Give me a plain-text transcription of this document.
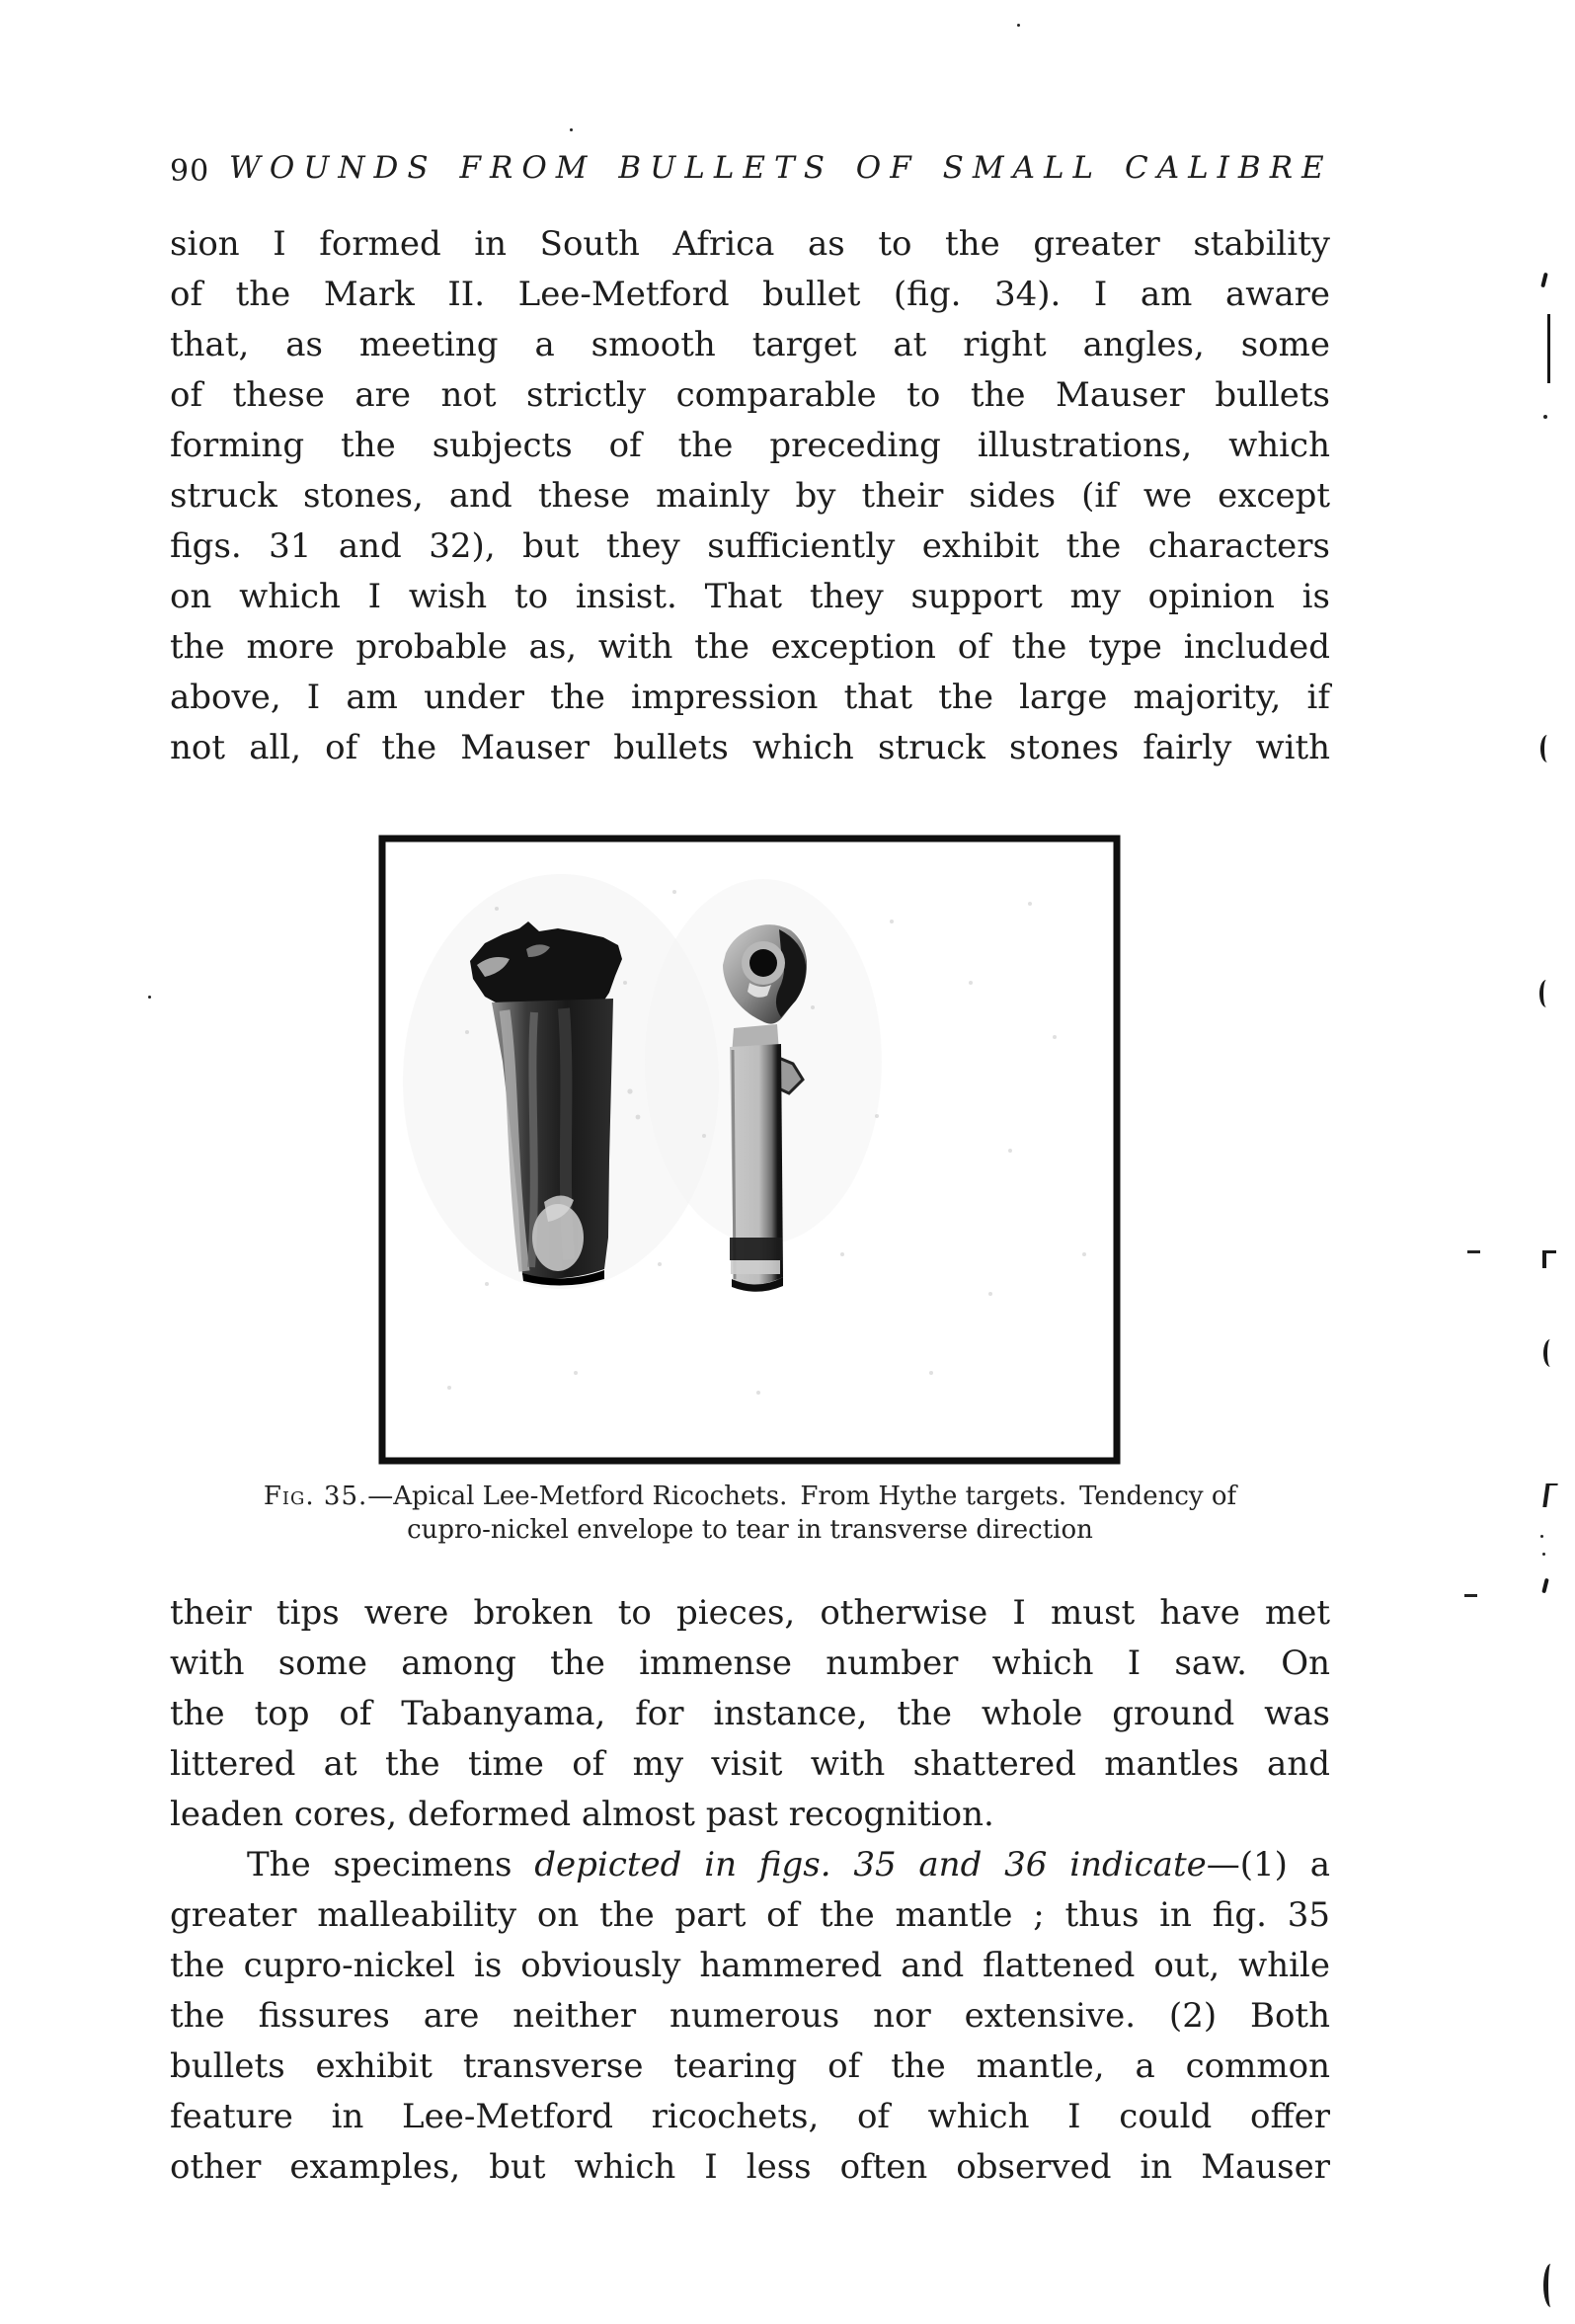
90 WOUNDS FROM BULLETS OF SMALL CALIBRE
sion I formed in South Africa as to the greater stability
of the Mark II. Lee-Metford bullet (fig. 34). I am aware
that, as meeting a smooth target at right angles, some
of these are not strictly comparable to the Mauser bullets
forming the subjects of the preceding illustrations, which
struck stones, and these mainly by their sides (if we except
figs. 31 and 32), but they sufficiently exhibit the characters
on which I wish to insist. That they support my opinion is
the more probable as, with the exception of the type included
above, I am under the impression that the large majority, if
not all, of the Mauser bullets which struck stones fairly with
Fig. 35.—Apical Lee-Metford Ricochets. From Hythe targets. Tendency of
cupro-nickel envelope to tear in transverse direction
their tips were broken to pieces, otherwise I must have met
with some among the immense number which I saw. On
the top of Tabanyama, for instance, the whole ground was
littered at the time of my visit with shattered mantles and
leaden cores, deformed almost past recognition.
The specimens depicted in figs. 35 and 36 indicate—(1) a
greater malleability on the part of the mantle ; thus in fig. 35
the cupro-nickel is obviously hammered and flattened out, while
the fissures are neither numerous nor extensive. (2) Both
bullets exhibit transverse tearing of the mantle, a common
feature in Lee-Metford ricochets, of which I could offer
other examples, but which I less often observed in Mauser
